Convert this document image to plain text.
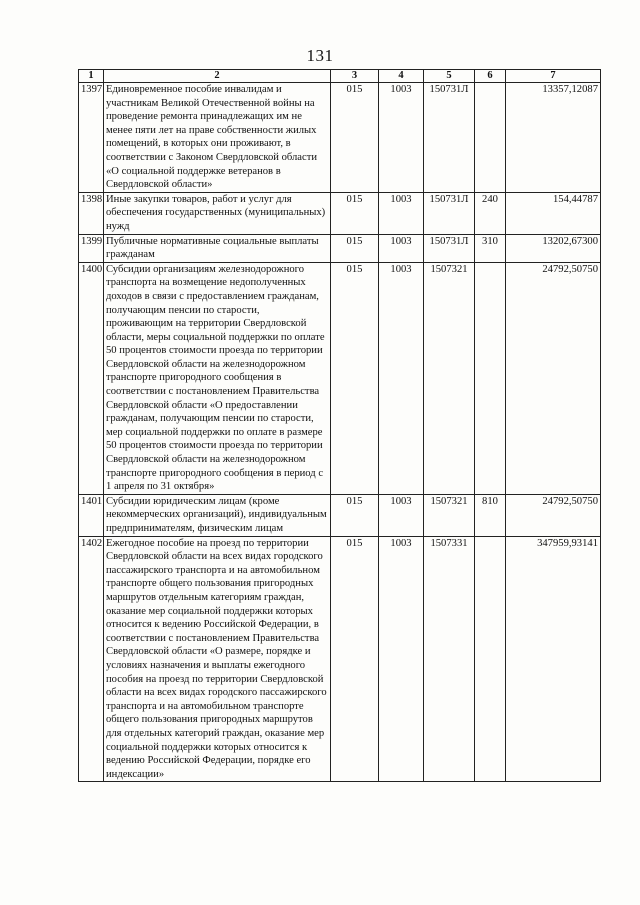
131
1	2	3	4	5	6	7
1397	Единовременное пособие инвалидам и участникам Великой Отечественной войны на проведение ремонта принадлежащих им не менее пяти лет на праве собственности жилых помещений, в которых они проживают, в соответствии с Законом Свердловской области «О социальной поддержке ветеранов в Свердловской области»	015	1003	150731Л		13357,12087
1398	Иные закупки товаров, работ и услуг для обеспечения государственных (муниципальных) нужд	015	1003	150731Л	240	154,44787
1399	Публичные нормативные социальные выплаты гражданам	015	1003	150731Л	310	13202,67300
1400	Субсидии организациям железнодорожного транспорта на возмещение недополученных доходов в связи с предоставлением гражданам, получающим пенсии по старости, проживающим на территории Свердловской области, меры социальной поддержки по оплате 50 процентов стоимости проезда по территории Свердловской области на железнодорожном транспорте пригородного сообщения в соответствии с постановлением Правительства Свердловской области «О предоставлении гражданам, получающим пенсии по старости, мер социальной поддержки по оплате в размере 50 процентов стоимости проезда по территории Свердловской области на железнодорожном транспорте пригородного сообщения в период с 1 апреля по 31 октября»	015	1003	1507321		24792,50750
1401	Субсидии юридическим лицам (кроме некоммерческих организаций), индивидуальным предпринимателям, физическим лицам	015	1003	1507321	810	24792,50750
1402	Ежегодное пособие на проезд по территории Свердловской области на всех видах городского пассажирского транспорта и на автомобильном транспорте общего пользования пригородных маршрутов отдельным категориям граждан, оказание мер социальной поддержки которых относится к ведению Российской Федерации, в соответствии с постановлением Правительства Свердловской области «О размере, порядке и условиях назначения и выплаты ежегодного пособия на проезд по территории Свердловской области на всех видах городского пассажирского транспорта и на автомобильном транспорте общего пользования пригородных маршрутов для отдельных категорий граждан, оказание мер социальной поддержки которых относится к ведению Российской Федерации, порядке его индексации»	015	1003	1507331		347959,93141
